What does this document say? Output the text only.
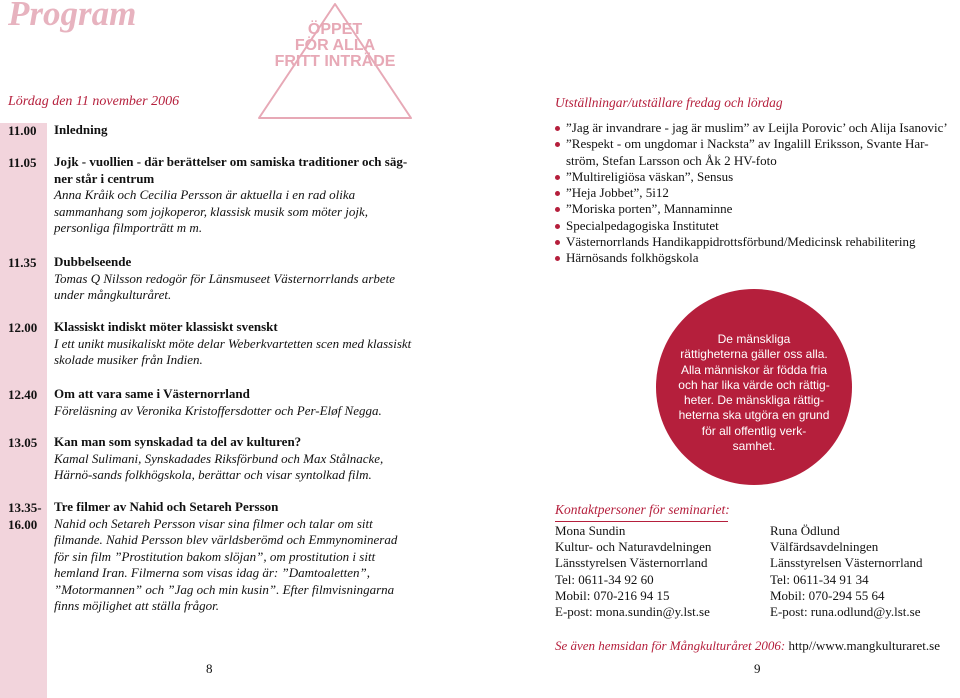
Program
Lördag den 11 november 2006
ÖPPET
FÖR ALLA
FRITT INTRÄDE
11.00 Inledning
11.05 Jojk - vuollien - där berättelser om samiska traditioner och säg-ner står i centrum
Anna Kråik och Cecilia Persson är aktuella i en rad olika sammanhang som jojkoperor, klassisk musik som möter jojk, personliga filmporträtt m m.
11.35 Dubbelseende
Tomas Q Nilsson redogör för Länsmuseet Västernorrlands arbete under mångkulturåret.
12.00 Klassiskt indiskt möter klassiskt svenskt
I ett unikt musikaliskt möte delar Weberkvartetten scen med klassiskt skolade musiker från Indien.
12.40 Om att vara same i Västernorrland
Föreläsning av Veronika Kristoffersdotter och Per-Eløf Negga.
13.05 Kan man som synskadad ta del av kulturen?
Kamal Sulimani, Synskadades Riksförbund och Max Stålnacke, Härnö-sands folkhögskola, berättar och visar syntolkad film.
13.35-
16.00
Tre filmer av Nahid och Setareh Persson
Nahid och Setareh Persson visar sina filmer och talar om sitt filmande. Nahid Persson blev världsberömd och Emmynominerad för sin film ”Prostitution bakom slöjan”, om prostitution i sitt hemland Iran. Filmerna som visas idag är: ”Damtoaletten”, ”Motormannen” och ”Jag och min kusin”. Efter filmvisningarna finns möjlighet att ställa frågor.
8
Utställningar/utställare fredag och lördag
”Jag är invandrare - jag är muslim” av Leijla Porovic’ och Alija Isanovic’
”Respekt - om ungdomar i Nacksta” av Ingalill Eriksson, Svante Har-ström, Stefan Larsson och Åk 2 HV-foto
”Multireligiösa väskan”, Sensus
”Heja Jobbet”, 5i12
”Moriska porten”, Mannaminne
Specialpedagogiska Institutet
Västernorrlands Handikappidrottsförbund/Medicinsk rehabilitering
Härnösands folkhögskola
De mänskliga
rättigheterna gäller oss alla.
Alla människor är födda fria
och har lika värde och rättig-
heter. De mänskliga rättig-
heterna ska utgöra en grund
för all offentlig verk-
samhet.
Kontaktpersoner för seminariet:
Mona Sundin
Kultur- och Naturavdelningen
Länsstyrelsen Västernorrland
Tel: 0611-34 92 60
Mobil: 070-216 94 15
E-post: mona.sundin@y.lst.se
Runa Ödlund
Välfärdsavdelningen
Länsstyrelsen Västernorrland
Tel: 0611-34 91 34
Mobil: 070-294 55 64
E-post: runa.odlund@y.lst.se
Se även hemsidan för Mångkulturåret 2006: http//www.mangkulturaret.se
9
